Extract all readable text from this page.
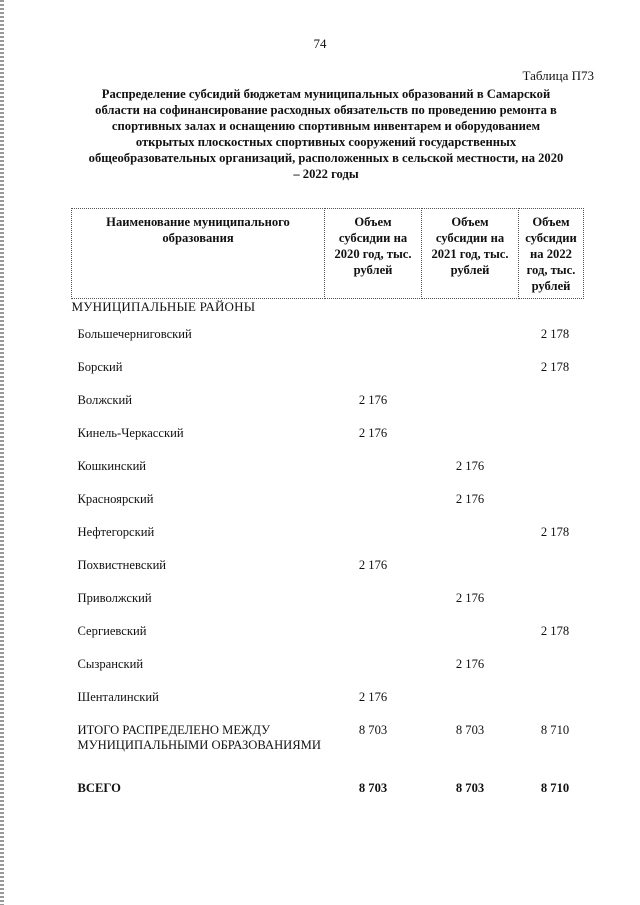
74
Таблица П73
Распределение субсидий бюджетам муниципальных образований в Самарской области на софинансирование расходных обязательств по проведению ремонта в спортивных залах и оснащению спортивным инвентарем и оборудованием открытых плоскостных спортивных сооружений государственных общеобразовательных организаций, расположенных в сельской местности, на 2020 – 2022 годы
Наименование муниципального образования	Объем субсидии на 2020 год, тыс. рублей	Объем субсидии на 2021 год, тыс. рублей	Объем субсидии на 2022 год, тыс. рублей
МУНИЦИПАЛЬНЫЕ РАЙОНЫ			
Большечерниговский			2 178
Борский			2 178
Волжский	2 176		
Кинель-Черкасский	2 176		
Кошкинский		2 176	
Красноярский		2 176	
Нефтегорский			2 178
Похвистневский	2 176		
Приволжский		2 176	
Сергиевский			2 178
Сызранский		2 176	
Шенталинский	2 176		
ИТОГО РАСПРЕДЕЛЕНО МЕЖДУ МУНИЦИПАЛЬНЫМИ ОБРАЗОВАНИЯМИ	8 703	8 703	8 710
ВСЕГО	8 703	8 703	8 710
